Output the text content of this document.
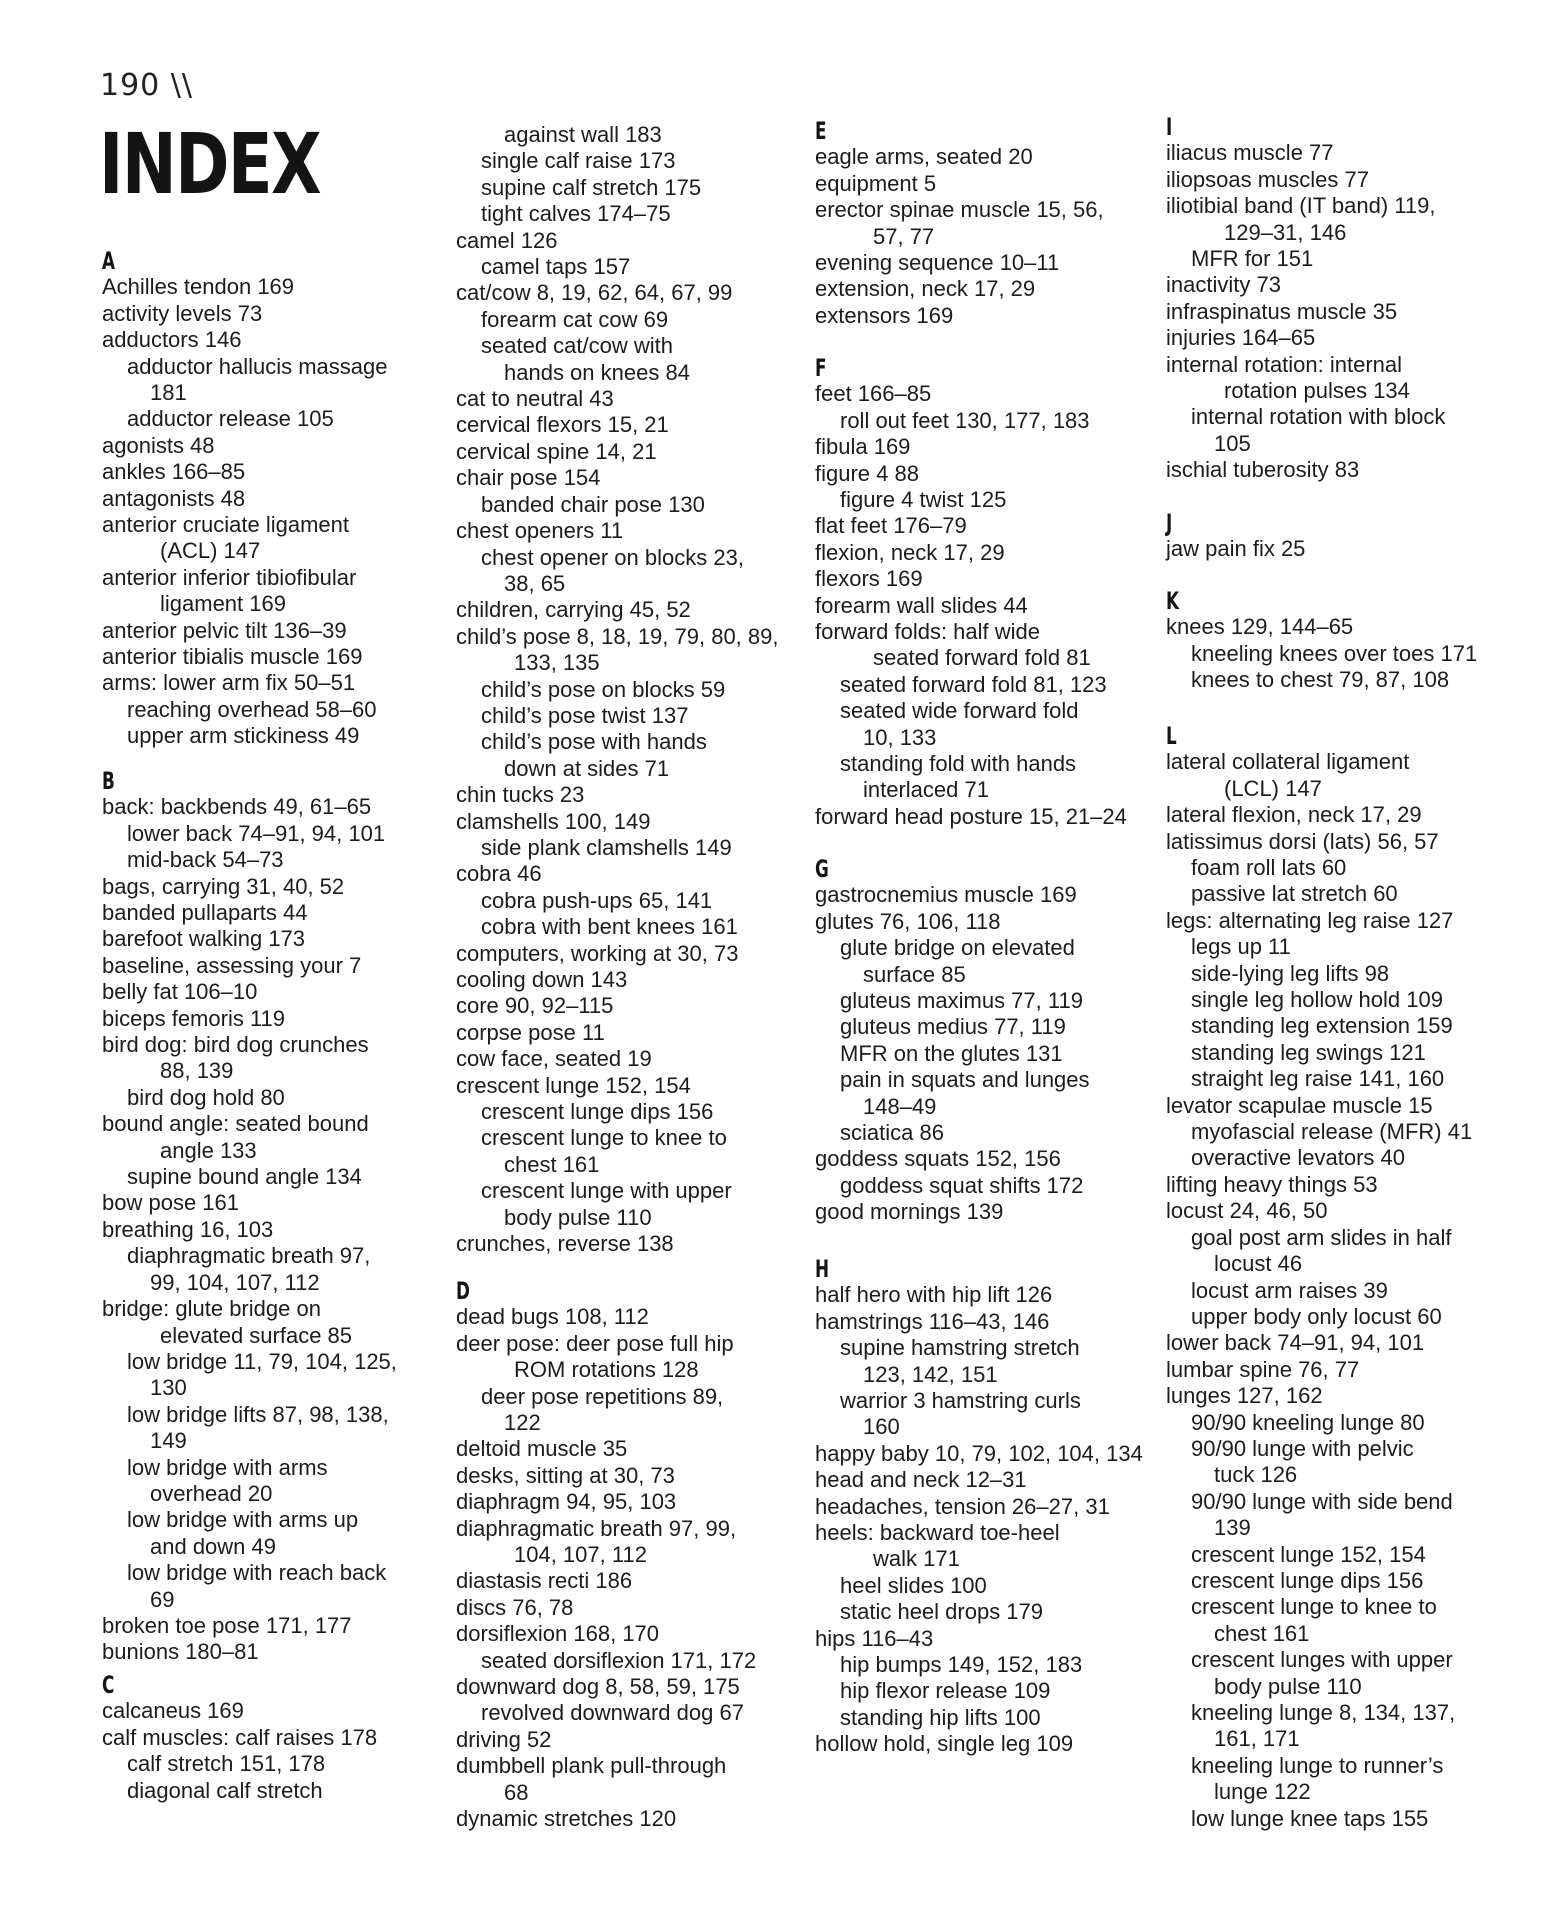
190 \\
INDEX
A
Achilles tendon 169
activity levels 73
adductors 146
adductor hallucis massage
181
adductor release 105
agonists 48
ankles 166–85
antagonists 48
anterior cruciate ligament
(ACL) 147
anterior inferior tibiofibular
ligament 169
anterior pelvic tilt 136–39
anterior tibialis muscle 169
arms: lower arm fix 50–51
reaching overhead 58–60
upper arm stickiness 49
B
back: backbends 49, 61–65
lower back 74–91, 94, 101
mid-back 54–73
bags, carrying 31, 40, 52
banded pullaparts 44
barefoot walking 173
baseline, assessing your 7
belly fat 106–10
biceps femoris 119
bird dog: bird dog crunches
88, 139
bird dog hold 80
bound angle: seated bound
angle 133
supine bound angle 134
bow pose 161
breathing 16, 103
diaphragmatic breath 97,
99, 104, 107, 112
bridge: glute bridge on
elevated surface 85
low bridge 11, 79, 104, 125,
130
low bridge lifts 87, 98, 138,
149
low bridge with arms
overhead 20
low bridge with arms up
and down 49
low bridge with reach back
69
broken toe pose 171, 177
bunions 180–81
C
calcaneus 169
calf muscles: calf raises 178
calf stretch 151, 178
diagonal calf stretch
against wall 183
single calf raise 173
supine calf stretch 175
tight calves 174–75
camel 126
camel taps 157
cat/cow 8, 19, 62, 64, 67, 99
forearm cat cow 69
seated cat/cow with
hands on knees 84
cat to neutral 43
cervical flexors 15, 21
cervical spine 14, 21
chair pose 154
banded chair pose 130
chest openers 11
chest opener on blocks 23,
38, 65
children, carrying 45, 52
child’s pose 8, 18, 19, 79, 80, 89,
133, 135
child’s pose on blocks 59
child’s pose twist 137
child’s pose with hands
down at sides 71
chin tucks 23
clamshells 100, 149
side plank clamshells 149
cobra 46
cobra push-ups 65, 141
cobra with bent knees 161
computers, working at 30, 73
cooling down 143
core 90, 92–115
corpse pose 11
cow face, seated 19
crescent lunge 152, 154
crescent lunge dips 156
crescent lunge to knee to
chest 161
crescent lunge with upper
body pulse 110
crunches, reverse 138
D
dead bugs 108, 112
deer pose: deer pose full hip
ROM rotations 128
deer pose repetitions 89,
122
deltoid muscle 35
desks, sitting at 30, 73
diaphragm 94, 95, 103
diaphragmatic breath 97, 99,
104, 107, 112
diastasis recti 186
discs 76, 78
dorsiflexion 168, 170
seated dorsiflexion 171, 172
downward dog 8, 58, 59, 175
revolved downward dog 67
driving 52
dumbbell plank pull-through
68
dynamic stretches 120
E
eagle arms, seated 20
equipment 5
erector spinae muscle 15, 56,
57, 77
evening sequence 10–11
extension, neck 17, 29
extensors 169
F
feet 166–85
roll out feet 130, 177, 183
fibula 169
figure 4 88
figure 4 twist 125
flat feet 176–79
flexion, neck 17, 29
flexors 169
forearm wall slides 44
forward folds: half wide
seated forward fold 81
seated forward fold 81, 123
seated wide forward fold
10, 133
standing fold with hands
interlaced 71
forward head posture 15, 21–24
G
gastrocnemius muscle 169
glutes 76, 106, 118
glute bridge on elevated
surface 85
gluteus maximus 77, 119
gluteus medius 77, 119
MFR on the glutes 131
pain in squats and lunges
148–49
sciatica 86
goddess squats 152, 156
goddess squat shifts 172
good mornings 139
H
half hero with hip lift 126
hamstrings 116–43, 146
supine hamstring stretch
123, 142, 151
warrior 3 hamstring curls
160
happy baby 10, 79, 102, 104, 134
head and neck 12–31
headaches, tension 26–27, 31
heels: backward toe-heel
walk 171
heel slides 100
static heel drops 179
hips 116–43
hip bumps 149, 152, 183
hip flexor release 109
standing hip lifts 100
hollow hold, single leg 109
I
iliacus muscle 77
iliopsoas muscles 77
iliotibial band (IT band) 119,
129–31, 146
MFR for 151
inactivity 73
infraspinatus muscle 35
injuries 164–65
internal rotation: internal
rotation pulses 134
internal rotation with block
105
ischial tuberosity 83
J
jaw pain fix 25
K
knees 129, 144–65
kneeling knees over toes 171
knees to chest 79, 87, 108
L
lateral collateral ligament
(LCL) 147
lateral flexion, neck 17, 29
latissimus dorsi (lats) 56, 57
foam roll lats 60
passive lat stretch 60
legs: alternating leg raise 127
legs up 11
side-lying leg lifts 98
single leg hollow hold 109
standing leg extension 159
standing leg swings 121
straight leg raise 141, 160
levator scapulae muscle 15
myofascial release (MFR) 41
overactive levators 40
lifting heavy things 53
locust 24, 46, 50
goal post arm slides in half
locust 46
locust arm raises 39
upper body only locust 60
lower back 74–91, 94, 101
lumbar spine 76, 77
lunges 127, 162
90/90 kneeling lunge 80
90/90 lunge with pelvic
tuck 126
90/90 lunge with side bend
139
crescent lunge 152, 154
crescent lunge dips 156
crescent lunge to knee to
chest 161
crescent lunges with upper
body pulse 110
kneeling lunge 8, 134, 137,
161, 171
kneeling lunge to runner’s
lunge 122
low lunge knee taps 155
